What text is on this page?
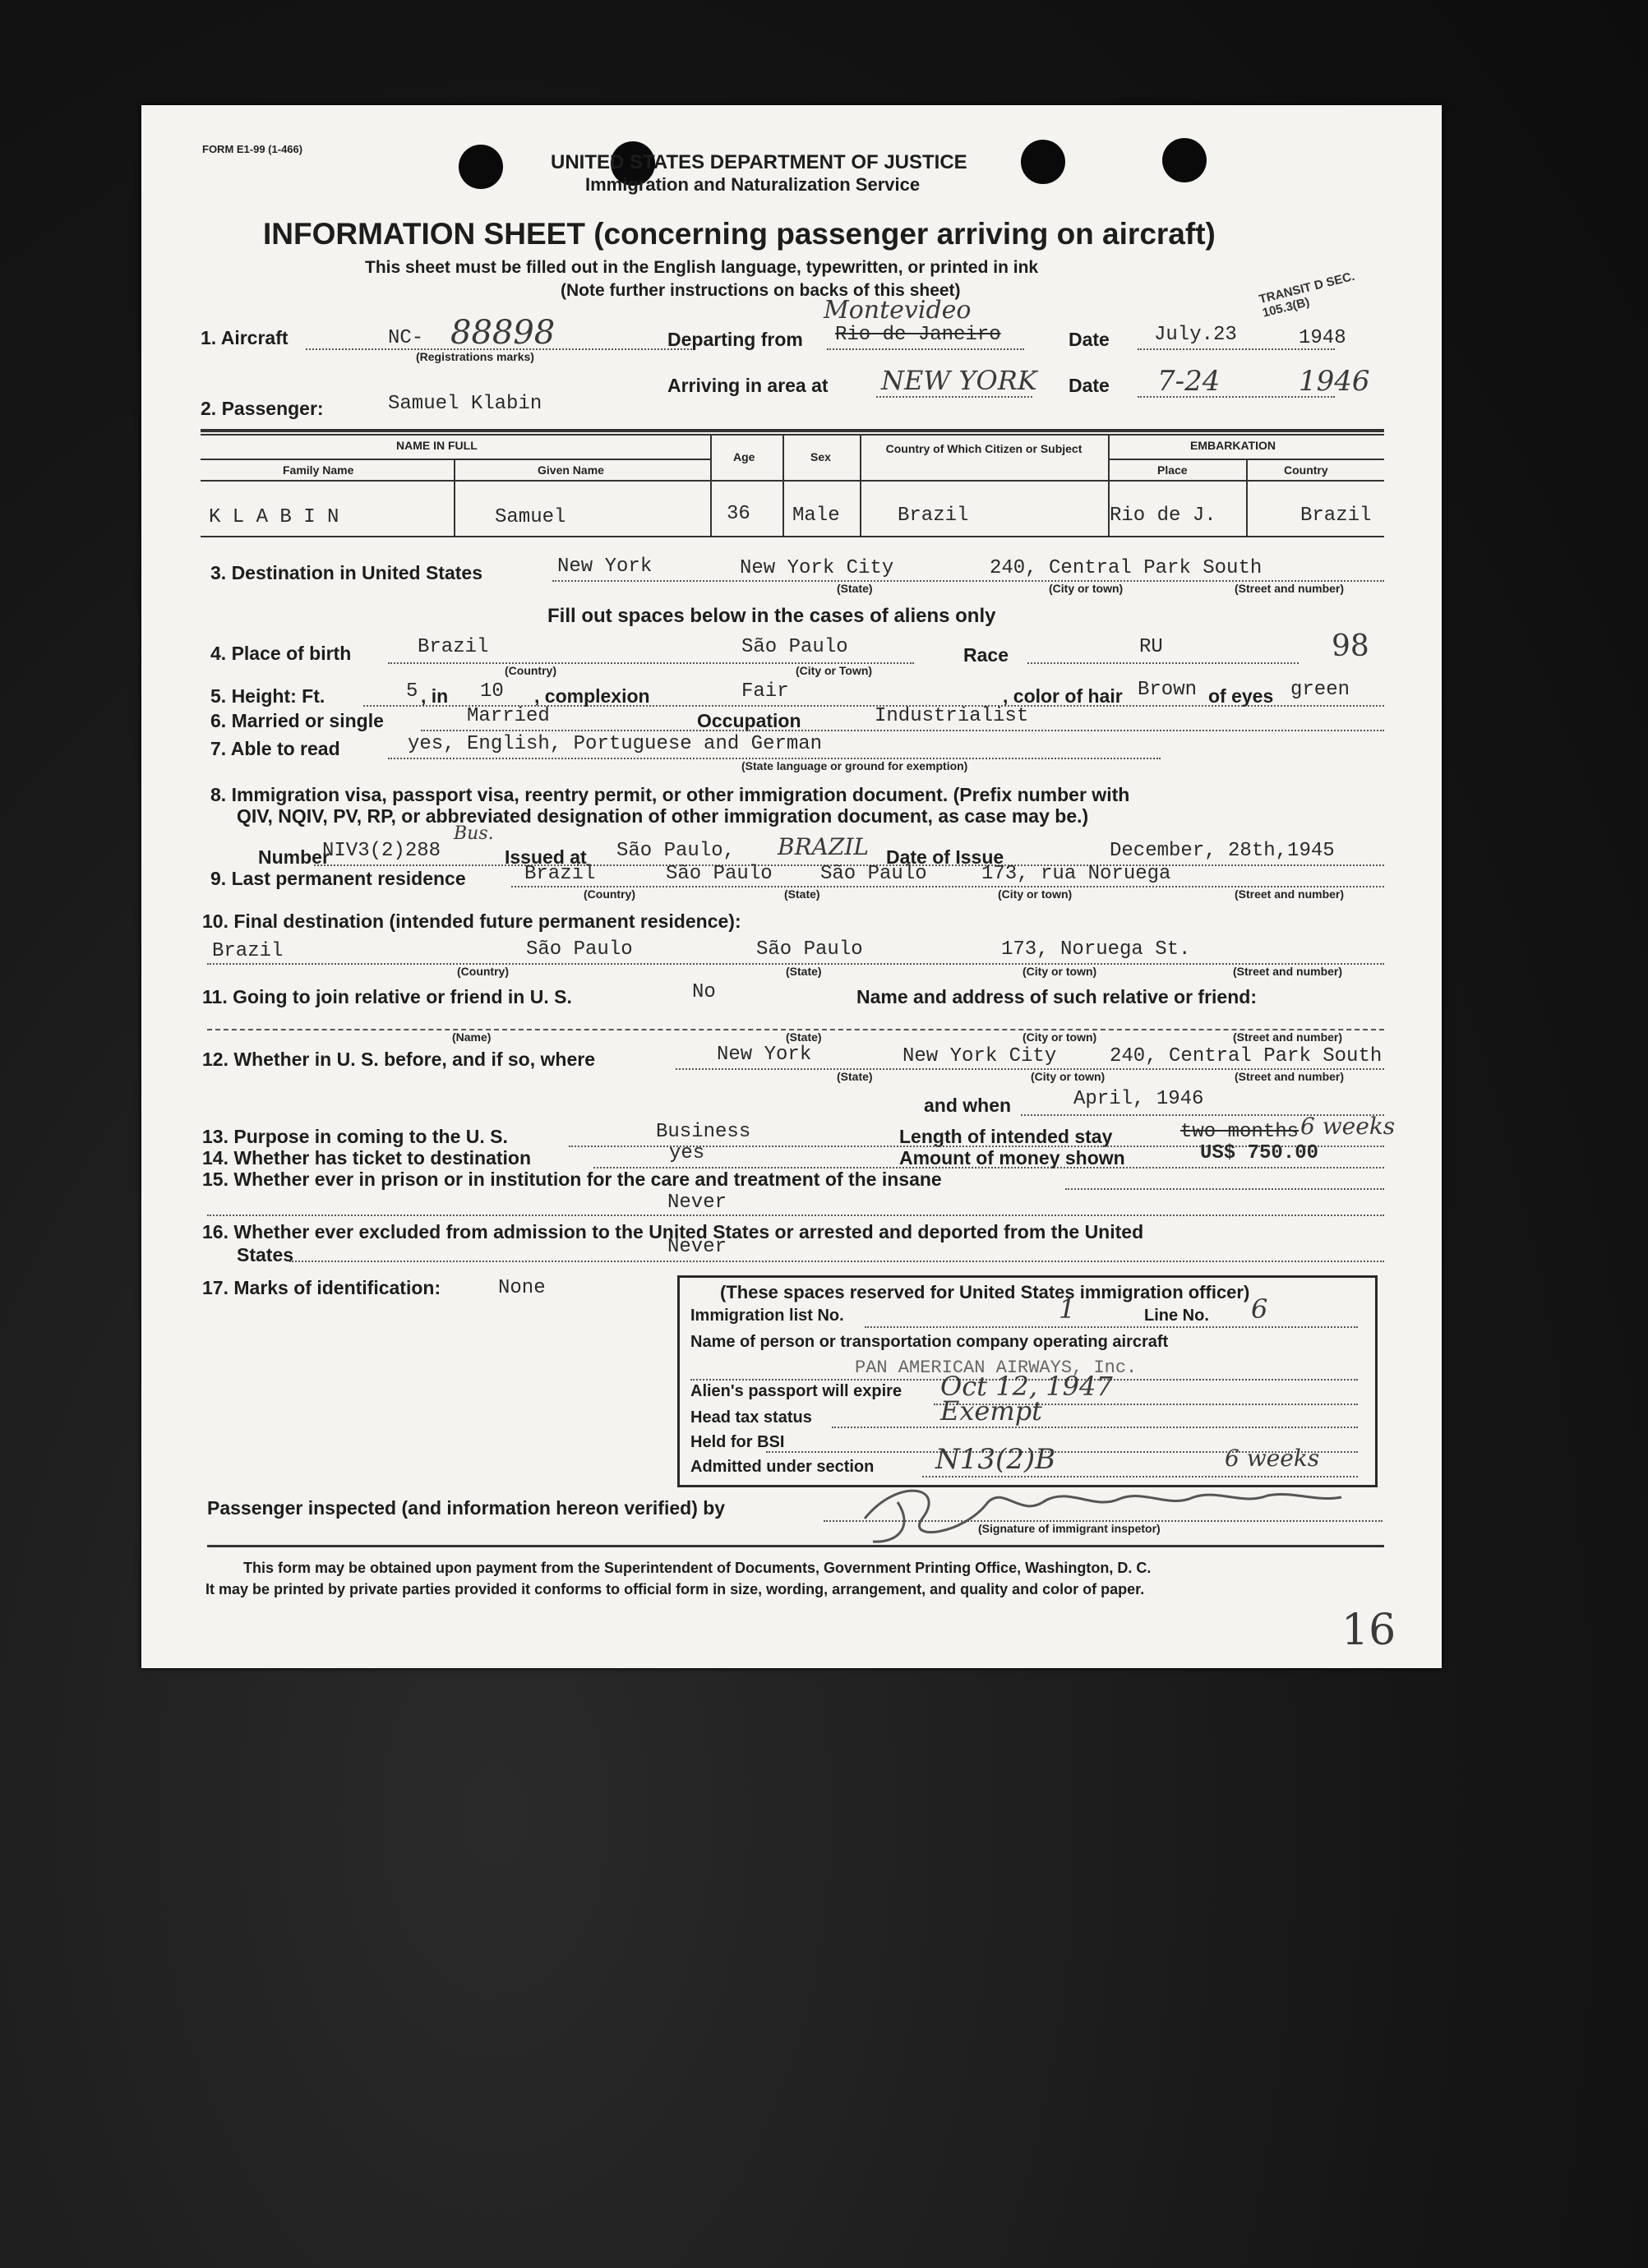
FORM E1-99 (1-466)
UNITED STATES DEPARTMENT OF JUSTICE
Immigration and Naturalization Service
INFORMATION SHEET (concerning passenger arriving on aircraft)
This sheet must be filled out in the English language, typewritten, or printed in ink
(Note further instructions on backs of this sheet)	TRANSIT D SEC. 105.3(B)
1. Aircraft	NC- 88898
(Registrations marks)
Departing from
Montevideo
Rio de Janeiro	Date July.23	1948
Arriving in area at NEW YORK Date 7-24	1946
2. Passenger:	Samuel Klabin
NAME IN FULL
Family Name	Given Name
Age	Sex
Country of Which Citizen or Subject	EMBARKATION
Place	Country
K L A B I N	Samuel	36 Male	Brazil	Rio de J.	Brazil
3. Destination in United States	New York	New York City	240, Central Park South
(State)	(City or town)	(Street and number)
Fill out spaces below in the cases of aliens only
4. Place of birth	Brazil	São Paulo
(Country)	(City or Town)
Race	RU	98
5. Height: Ft.	5 , in 10 , complexion	Fair	, color of hair Brown of eyes green
6. Married or single	Married	Occupation	Industrialist
7. Able to read	yes, English, Portuguese and German
(State language or ground for exemption)
8. Immigration visa, passport visa, reentry permit, or other immigration document. (Prefix number with
QIV, NQIV, PV, RP, or abbreviated designation of other immigration document, as case may be.)
Number
NIV3(2)288
Bus.
Issued at São Paulo, BRAZIL Date of Issue	December, 28th,1945
9. Last permanent residence	Brazil	São Paulo São Paulo	173, rua Noruega
(Country)	(State)	(City or town)	(Street and number)
10. Final destination (intended future permanent residence):
Brazil	São Paulo	São Paulo	173, Noruega St.
(Country)	(State)	(City or town)	(Street and number)
11. Going to join relative or friend in U. S.	No	Name and address of such relative or friend:
(Name)	(State)	(City or town)	(Street and number)
12. Whether in U. S. before, and if so, where	New York	New York City	240, Central Park South
(State)	(City or town)	(Street and number)
and when	April, 1946
13. Purpose in coming to the U. S.	Business	Length of intended stay	two months 6 weeks
14. Whether has ticket to destination	yes	Amount of money shown	US$ 750.00
15. Whether ever in prison or in institution for the care and treatment of the insane
Never
16. Whether ever excluded from admission to the United States or arrested and deported from the United
States	Never
17. Marks of identification:	None	(These spaces reserved for United States immigration officer)
Immigration list No.	1	Line No. 6
Name of person or transportation company operating aircraft
PAN AMERICAN AIRWAYS, Inc.
Alien's passport will expire Oct 12, 1947
Head tax status	Exempt
Held for BSI
Admitted under section N13(2)B	6 weeks
Passenger inspected (and information hereon verified) by
(Signature of immigrant inspetor)
This form may be obtained upon payment from the Superintendent of Documents, Government Printing Office, Washington, D. C.
It may be printed by private parties provided it conforms to official form in size, wording, arrangement, and quality and color of paper.
16
